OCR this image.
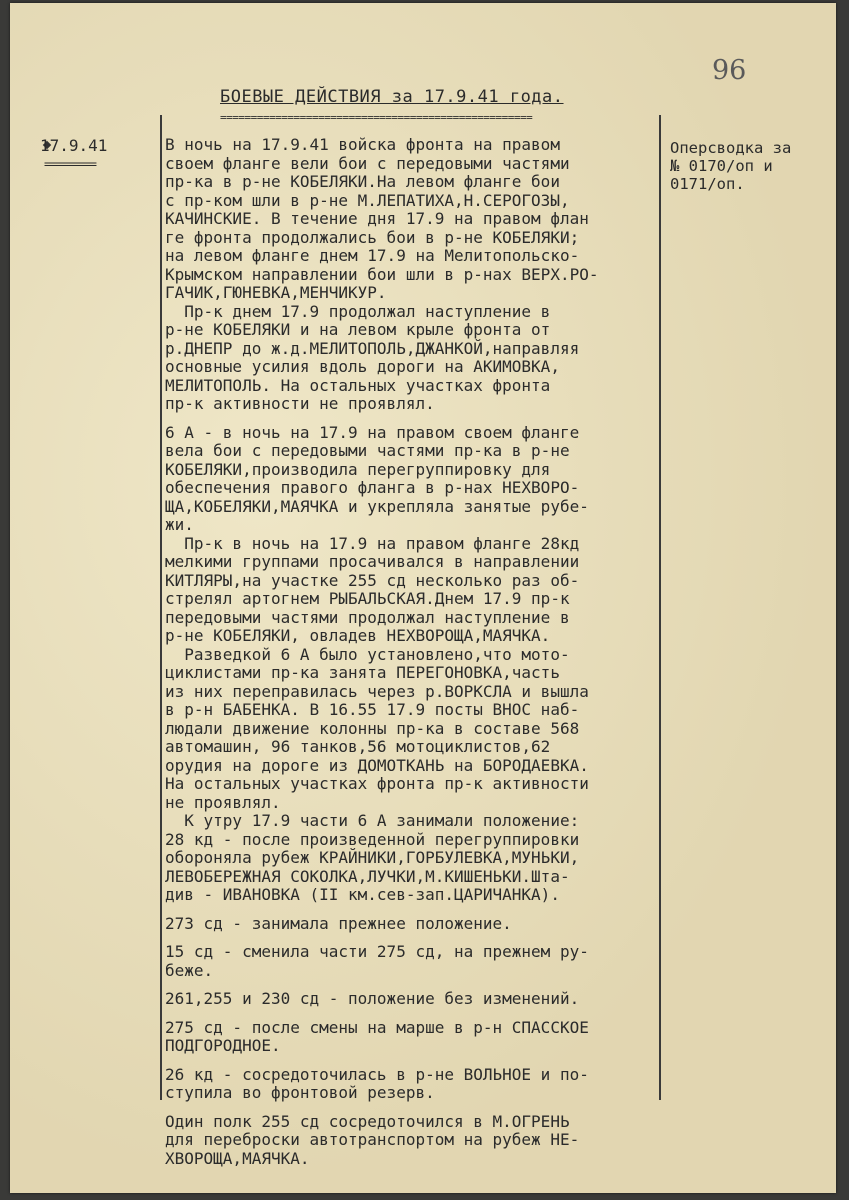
96
БОЕВЫЕ ДЕЙСТВИЯ за 17.9.41 года.
===================================================
17.9.41
=========
Оперсводка за
№ 0170/оп и
0171/оп.
В ночь на 17.9.41 войска фронта на правом
своем фланге вели бои с передовыми частями
пр-ка в р-не КОБЕЛЯКИ.На левом фланге бои
с пр-ком шли в р-не М.ЛЕПАТИХА,Н.СЕРОГОЗЫ,
КАЧИНСКИЕ. В течение дня 17.9 на правом флан
ге фронта продолжались бои в р-не КОБЕЛЯКИ;
на левом фланге днем 17.9 на Мелитопольско-
Крымском направлении бои шли в р-нах ВЕРХ.РО-
ГАЧИК,ГЮНЕВКА,МЕНЧИКУР.
Пр-к днем 17.9 продолжал наступление в
р-не КОБЕЛЯКИ и на левом крыле фронта от
р.ДНЕПР до ж.д.МЕЛИТОПОЛЬ,ДЖАНКОЙ,направляя
основные усилия вдоль дороги на АКИМОВКА,
МЕЛИТОПОЛЬ. На остальных участках фронта
пр-к активности не проявлял.
6 А - в ночь на 17.9 на правом своем фланге
вела бои с передовыми частями пр-ка в р-не
КОБЕЛЯКИ,производила перегруппировку для
обеспечения правого фланга в р-нах НЕХВОРО-
ЩА,КОБЕЛЯКИ,МАЯЧКА и укрепляла занятые рубе-
жи.
Пр-к в ночь на 17.9 на правом фланге 28кд
мелкими группами просачивался в направлении
КИТЛЯРЫ,на участке 255 сд несколько раз об-
стрелял артогнем РЫБАЛЬСКАЯ.Днем 17.9 пр-к
передовыми частями продолжал наступление в
р-не КОБЕЛЯКИ, овладев НЕХВОРОЩА,МАЯЧКА.
Разведкой 6 А было установлено,что мото-
циклистами пр-ка занята ПЕРЕГОНОВКА,часть
из них переправилась через р.ВОРКСЛА и вышла
в р-н БАБЕНКА. В 16.55 17.9 посты ВНОС наб-
людали движение колонны пр-ка в составе 568
автомашин, 96 танков,56 мотоциклистов,62
орудия на дороге из ДОМОТКАНЬ на БОРОДАЕВКА.
На остальных участках фронта пр-к активности
не проявлял.
К утру 17.9 части 6 А занимали положение:
28 кд - после произведенной перегруппировки
обороняла рубеж КРАЙНИКИ,ГОРБУЛЕВКА,МУНЬКИ,
ЛЕВОБЕРЕЖНАЯ СОКОЛКА,ЛУЧКИ,М.КИШЕНЬКИ.Шта-
див - ИВАНОВКА (II км.сев-зап.ЦАРИЧАНКА).
273 сд - занимала прежнее положение.
15 сд - сменила части 275 сд, на прежнем ру-
беже.
261,255 и 230 сд - положение без изменений.
275 сд - после смены на марше в р-н СПАССКОЕ
ПОДГОРОДНОЕ.
26 кд - сосредоточилась в р-не ВОЛЬНОЕ и по-
ступила во фронтовой резерв.
Один полк 255 сд сосредоточился в М.ОГРЕНЬ
для переброски автотранспортом на рубеж НЕ-
ХВОРОЩА,МАЯЧКА.
